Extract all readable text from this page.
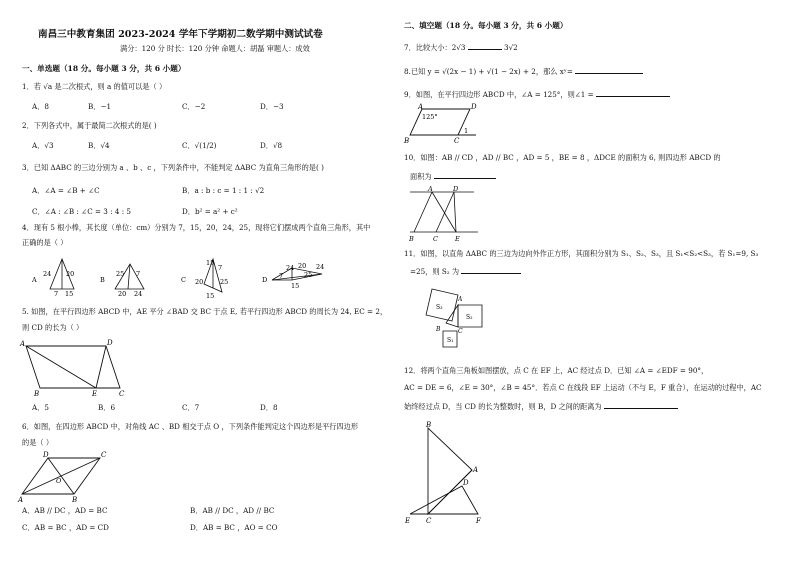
南昌三中教育集团 2023-2024 学年下学期初二数学期中测试试卷
满分：120 分 时长：120 分钟 命题人：胡磊 审题人：成效
一、单选题（18 分。每小题 3 分，共 6 小题）
1．若 √a 是二次根式，则 a 的值可以是（ ）
A．8	B．−1	C．−2	D．−3
2．下列各式中，属于最简二次根式的是( )
A．√3	B．√4	C．√(1/2)	D．√8
3．已知 ΔABC 的三边分别为 a 、b 、c ，下列条件中，不能判定 ΔABC 为直角三角形的是( )
A．∠A = ∠B + ∠C	B．a : b : c = 1 : 1 : √2
C．∠A : ∠B : ∠C = 3 : 4 : 5	D．b² = a² + c²
4．现有 5 根小棒，其长度（单位：cm）分别为 7，15，20，24，25，现将它们摆成两个直角三角形，其中
正确的是（ ）
A
24 20
7 15
B
25 7
20 24
C
15
7
20	25
15
D
24 20
7	25
15
24
5. 如图，在平行四边形 ABCD 中，AE 平分 ∠BAD 交 BC 于点 E, 若平行四边形 ABCD 的周长为 24, EC = 2，
则 CD 的长为（ ）
A	D
B	E	C
A．5	B．6	C．7	D．8
6．如图，在四边形 ABCD 中，对角线 AC 、BD 相交于点 O ，下列条件能判定这个四边形是平行四边形
的是（ ）
D	C
O
A	B
A．AB // DC ，AD = BC	B．AB // DC ，AD // BC
C．AB = BC ，AD = CD	D．AB = BC ，AO = CO
二、填空题（18 分。每小题 3 分，共 6 小题）
7．比较大小：2√3	3√2
8.已知 y = √(2x − 1) + √(1 − 2x) + 2，那么 xʸ=
9．如图，在平行四边形 ABCD 中，∠A = 125°，则∠1 =
A	D
125°
B	C
1
10．如图：AB // CD ，AD // BC ，AD = 5 ，BE = 8 ，ΔDCE 的面积为 6, 则四边形 ABCD 的
面积为
A	D
B	C	E
11．如图，以直角 ΔABC 的三边为边向外作正方形，其面积分别为 S₁、S₂、S₃，且 S₁<S₂<S₃，若 S₁=9, S₃
=25，则 S₂ 为
S₃
S₂
S₁
A
B	C
12．将两个直角三角板如图摆放，点 C 在 EF 上，AC 经过点 D．已知 ∠A = ∠EDF = 90°，
AC = DE = 6，∠E = 30°，∠B = 45°．若点 C 在线段 EF 上运动（不与 E，F 重合），在运动的过程中，AC
始终经过点 D，当 CD 的长为整数时，则 B，D 之间的距离为
B
A
D
E C	F
